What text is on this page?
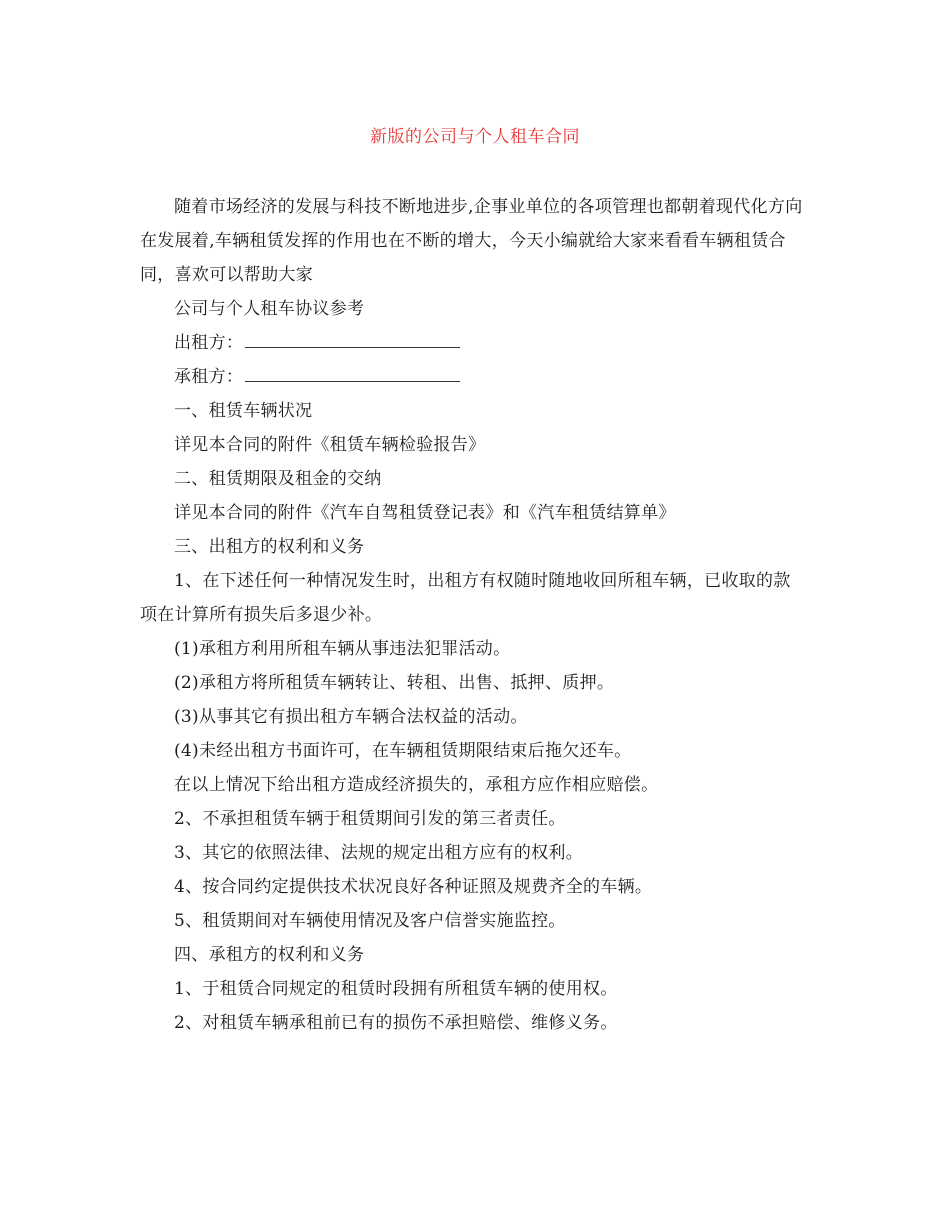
新版的公司与个人租车合同

随着市场经济的发展与科技不断地进步,企事业单位的各项管理也都朝着现代化方向在发展着,车辆租赁发挥的作用也在不断的增大，今天小编就给大家来看看车辆租赁合同，喜欢可以帮助大家

公司与个人租车协议参考

出租方：

承租方：

一、租赁车辆状况

详见本合同的附件《租赁车辆检验报告》

二、租赁期限及租金的交纳

详见本合同的附件《汽车自驾租赁登记表》和《汽车租赁结算单》

三、出租方的权利和义务

1、在下述任何一种情况发生时，出租方有权随时随地收回所租车辆，已收取的款项在计算所有损失后多退少补。

(1)承租方利用所租车辆从事违法犯罪活动。

(2)承租方将所租赁车辆转让、转租、出售、抵押、质押。

(3)从事其它有损出租方车辆合法权益的活动。

(4)未经出租方书面许可，在车辆租赁期限结束后拖欠还车。

在以上情况下给出租方造成经济损失的，承租方应作相应赔偿。

2、不承担租赁车辆于租赁期间引发的第三者责任。

3、其它的依照法律、法规的规定出租方应有的权利。

4、按合同约定提供技术状况良好各种证照及规费齐全的车辆。

5、租赁期间对车辆使用情况及客户信誉实施监控。

四、承租方的权利和义务

1、于租赁合同规定的租赁时段拥有所租赁车辆的使用权。

2、对租赁车辆承租前已有的损伤不承担赔偿、维修义务。
